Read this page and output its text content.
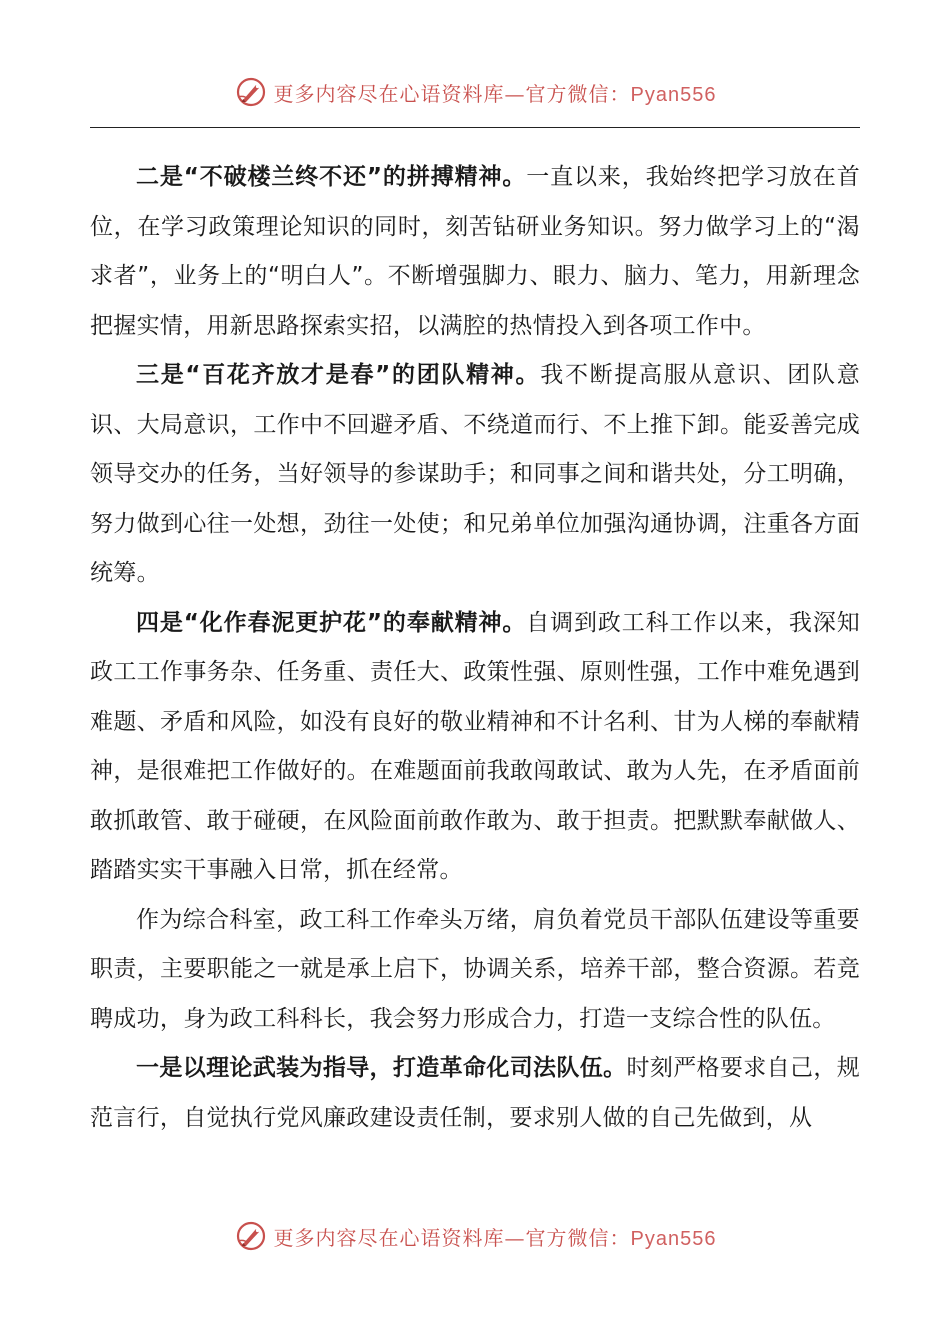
更多内容尽在心语资料库—官方微信：Pyan556

二是“不破楼兰终不还”的拼搏精神。一直以来，我始终把学习放在首位，在学习政策理论知识的同时，刻苦钻研业务知识。努力做学习上的“渴求者”，业务上的“明白人”。不断增强脚力、眼力、脑力、笔力，用新理念把握实情，用新思路探索实招，以满腔的热情投入到各项工作中。

三是“百花齐放才是春”的团队精神。我不断提高服从意识、团队意识、大局意识，工作中不回避矛盾、不绕道而行、不上推下卸。能妥善完成领导交办的任务，当好领导的参谋助手；和同事之间和谐共处，分工明确，努力做到心往一处想，劲往一处使；和兄弟单位加强沟通协调，注重各方面统筹。

四是“化作春泥更护花”的奉献精神。自调到政工科工作以来，我深知政工工作事务杂、任务重、责任大、政策性强、原则性强，工作中难免遇到难题、矛盾和风险，如没有良好的敬业精神和不计名利、甘为人梯的奉献精神，是很难把工作做好的。在难题面前我敢闯敢试、敢为人先，在矛盾面前敢抓敢管、敢于碰硬，在风险面前敢作敢为、敢于担责。把默默奉献做人、踏踏实实干事融入日常，抓在经常。

作为综合科室，政工科工作牵头万绪，肩负着党员干部队伍建设等重要职责，主要职能之一就是承上启下，协调关系，培养干部，整合资源。若竞聘成功，身为政工科科长，我会努力形成合力，打造一支综合性的队伍。

一是以理论武装为指导，打造革命化司法队伍。时刻严格要求自己，规范言行，自觉执行党风廉政建设责任制，要求别人做的自己先做到，从

更多内容尽在心语资料库—官方微信：Pyan556
